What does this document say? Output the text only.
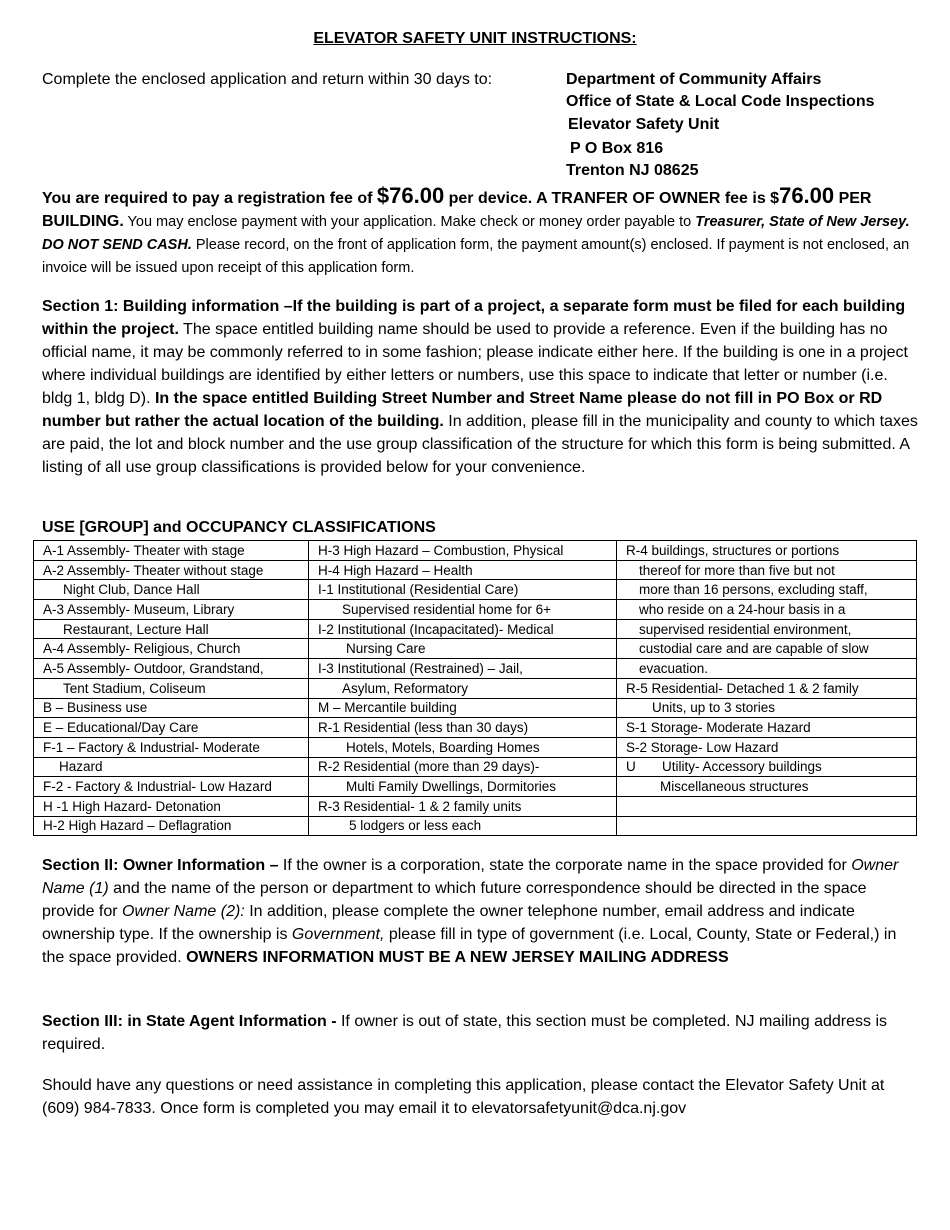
ELEVATOR SAFETY UNIT INSTRUCTIONS:
Complete the enclosed application and return within 30 days to:	Department of Community Affairs
Office of State & Local Code Inspections
Elevator Safety Unit
P O Box 816
Trenton NJ 08625
You are required to pay a registration fee of $76.00 per device. A TRANFER OF OWNER fee is $76.00 PER BUILDING. You may enclose payment with your application. Make check or money order payable to Treasurer, State of New Jersey. DO NOT SEND CASH. Please record, on the front of application form, the payment amount(s) enclosed. If payment is not enclosed, an invoice will be issued upon receipt of this application form.
Section 1: Building information –If the building is part of a project, a separate form must be filed for each building within the project. The space entitled building name should be used to provide a reference. Even if the building has no official name, it may be commonly referred to in some fashion; please indicate either here. If the building is one in a project where individual buildings are identified by either letters or numbers, use this space to indicate that letter or number (i.e. bldg 1, bldg D). In the space entitled Building Street Number and Street Name please do not fill in PO Box or RD number but rather the actual location of the building. In addition, please fill in the municipality and county to which taxes are paid, the lot and block number and the use group classification of the structure for which this form is being submitted. A listing of all use group classifications is provided below for your convenience.
USE [GROUP] and OCCUPANCY CLASSIFICATIONS
A-1 Assembly- Theater with stage	H-3 High Hazard – Combustion, Physical	R-4 buildings, structures or portions
A-2 Assembly- Theater without stage	H-4 High Hazard – Health	thereof for more than five but not
Night Club, Dance Hall	I-1 Institutional (Residential Care)	more than 16 persons, excluding staff,
A-3 Assembly- Museum, Library	Supervised residential home for 6+	who reside on a 24-hour basis in a
Restaurant, Lecture Hall	I-2 Institutional (Incapacitated)- Medical	supervised residential environment,
A-4 Assembly- Religious, Church	Nursing Care	custodial care and are capable of slow
A-5 Assembly- Outdoor, Grandstand,	I-3 Institutional (Restrained) – Jail,	evacuation.
Tent Stadium, Coliseum	Asylum, Reformatory	R-5 Residential- Detached 1 & 2 family
B – Business use	M – Mercantile building	Units, up to 3 stories
E – Educational/Day Care	R-1 Residential (less than 30 days)	S-1 Storage- Moderate Hazard
F-1 – Factory & Industrial- Moderate	Hotels, Motels, Boarding Homes	S-2 Storage- Low Hazard
Hazard	R-2 Residential (more than 29 days)-	U       Utility- Accessory buildings
F-2 - Factory & Industrial- Low Hazard	Multi Family Dwellings, Dormitories	Miscellaneous structures
H -1 High Hazard- Detonation	R-3 Residential- 1 & 2 family units	
H-2 High Hazard – Deflagration	5 lodgers or less each	
Section II: Owner Information – If the owner is a corporation, state the corporate name in the space provided for Owner Name (1) and the name of the person or department to which future correspondence should be directed in the space provide for Owner Name (2): In addition, please complete the owner telephone number, email address and indicate ownership type. If the ownership is Government, please fill in type of government (i.e. Local, County, State or Federal,) in the space provided. OWNERS INFORMATION MUST BE A NEW JERSEY MAILING ADDRESS
Section III: in State Agent Information - If owner is out of state, this section must be completed. NJ mailing address is required.
Should have any questions or need assistance in completing this application, please contact the Elevator Safety Unit at (609) 984-7833. Once form is completed you may email it to elevatorsafetyunit@dca.nj.gov
